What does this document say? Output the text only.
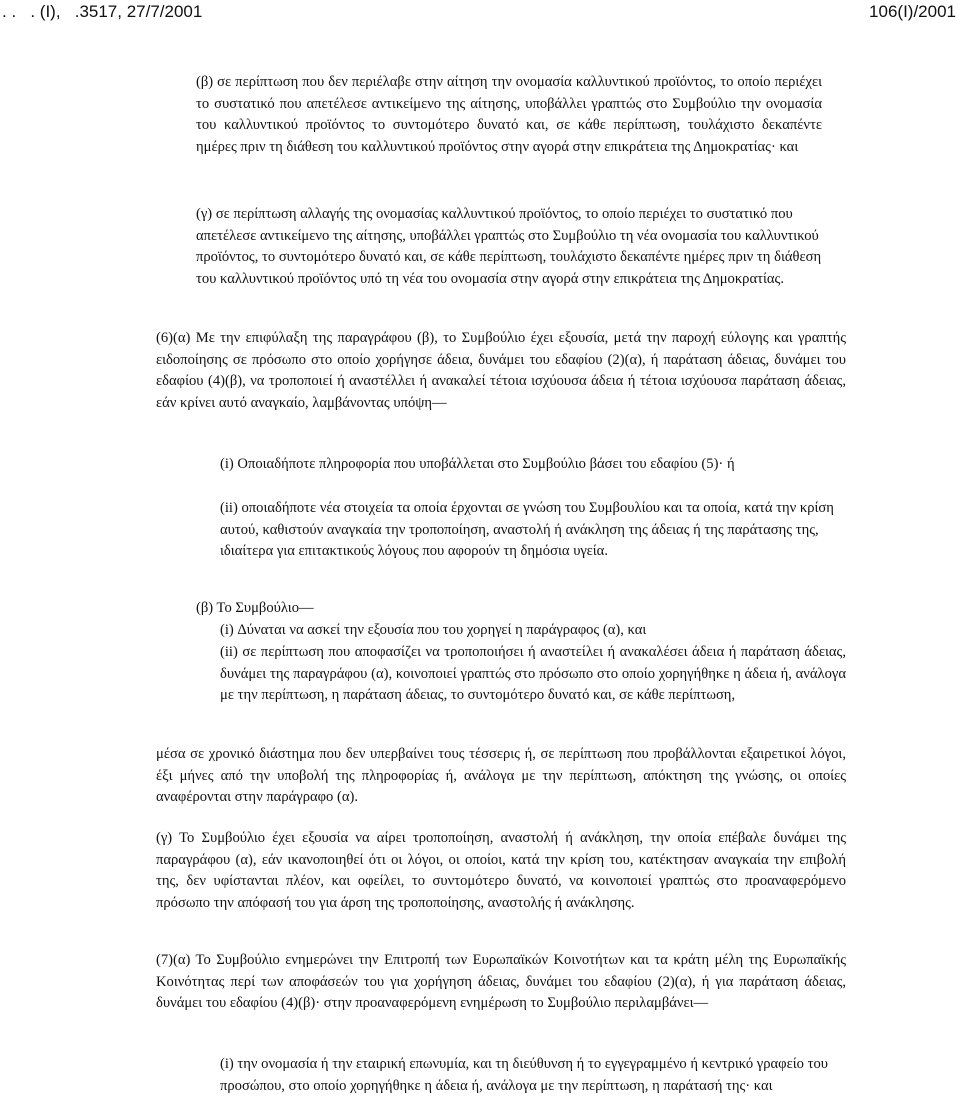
. .   . (Ι),   .3517, 27/7/2001	106(Ι)/2001

(β) σε περίπτωση που δεν περιέλαβε στην αίτηση την ονομασία καλλυντικού προϊόντος, το οποίο περιέχει το συστατικό που απετέλεσε αντικείμενο της αίτησης, υποβάλλει γραπτώς στο Συμβούλιο την ονομασία του καλλυντικού προϊόντος το συντομότερο δυνατό και, σε κάθε περίπτωση, τουλάχιστο δεκαπέντε ημέρες πριν τη διάθεση του καλλυντικού προϊόντος στην αγορά στην επικράτεια της Δημοκρατίας· και

(γ) σε περίπτωση αλλαγής της ονομασίας καλλυντικού προϊόντος, το οποίο περιέχει το συστατικό που απετέλεσε αντικείμενο της αίτησης, υποβάλλει γραπτώς στο Συμβούλιο τη νέα ονομασία του καλλυντικού προϊόντος, το συντομότερο δυνατό και, σε κάθε περίπτωση, τουλάχιστο δεκαπέντε ημέρες πριν τη διάθεση του καλλυντικού προϊόντος υπό τη νέα του ονομασία στην αγορά στην επικράτεια της Δημοκρατίας.

(6)(α) Με την επιφύλαξη της παραγράφου (β), το Συμβούλιο έχει εξουσία, μετά την παροχή εύλογης και γραπτής ειδοποίησης σε πρόσωπο στο οποίο χορήγησε άδεια, δυνάμει του εδαφίου (2)(α), ή παράταση άδειας, δυνάμει του εδαφίου (4)(β), να τροποποιεί ή αναστέλλει ή ανακαλεί τέτοια ισχύουσα άδεια ή τέτοια ισχύουσα παράταση άδειας, εάν κρίνει αυτό αναγκαίο, λαμβάνοντας υπόψη—

(i) Οποιαδήποτε πληροφορία που υποβάλλεται στο Συμβούλιο βάσει του εδαφίου (5)· ή

(ii) οποιαδήποτε νέα στοιχεία τα οποία έρχονται σε γνώση του Συμβουλίου και τα οποία, κατά την κρίση αυτού, καθιστούν αναγκαία την τροποποίηση, αναστολή ή ανάκληση της άδειας ή της παράτασης της, ιδιαίτερα για επιτακτικούς λόγους που αφορούν τη δημόσια υγεία.

(β) Το Συμβούλιο—

(i) Δύναται να ασκεί την εξουσία που του χορηγεί η παράγραφος (α), και

(ii) σε περίπτωση που αποφασίζει να τροποποιήσει ή αναστείλει ή ανακαλέσει άδεια ή παράταση άδειας, δυνάμει της παραγράφου (α), κοινοποιεί γραπτώς στο πρόσωπο στο οποίο χορηγήθηκε η άδεια ή, ανάλογα με την περίπτωση, η παράταση άδειας, το συντομότερο δυνατό και, σε κάθε περίπτωση,

μέσα σε χρονικό διάστημα που δεν υπερβαίνει τους τέσσερις ή, σε περίπτωση που προβάλλονται εξαιρετικοί λόγοι, έξι μήνες από την υποβολή της πληροφορίας ή, ανάλογα με την περίπτωση, απόκτηση της γνώσης, οι οποίες αναφέρονται στην παράγραφο (α).

(γ) Το Συμβούλιο έχει εξουσία να αίρει τροποποίηση, αναστολή ή ανάκληση, την οποία επέβαλε δυνάμει της παραγράφου (α), εάν ικανοποιηθεί ότι οι λόγοι, οι οποίοι, κατά την κρίση του, κατέκτησαν αναγκαία την επιβολή της, δεν υφίστανται πλέον, και οφείλει, το συντομότερο δυνατό, να κοινοποιεί γραπτώς στο προαναφερόμενο πρόσωπο την απόφασή του για άρση της τροποποίησης, αναστολής ή ανάκλησης.

(7)(α) Το Συμβούλιο ενημερώνει την Επιτροπή των Ευρωπαϊκών Κοινοτήτων και τα κράτη μέλη της Ευρωπαϊκής Κοινότητας περί των αποφάσεών του για χορήγηση άδειας, δυνάμει του εδαφίου (2)(α), ή για παράταση άδειας, δυνάμει του εδαφίου (4)(β)· στην προαναφερόμενη ενημέρωση το Συμβούλιο περιλαμβάνει—

(i) την ονομασία ή την εταιρική επωνυμία, και τη διεύθυνση ή το εγγεγραμμένο ή κεντρικό γραφείο του προσώπου, στο οποίο χορηγήθηκε η άδεια ή, ανάλογα με την περίπτωση, η παράτασή της· και
